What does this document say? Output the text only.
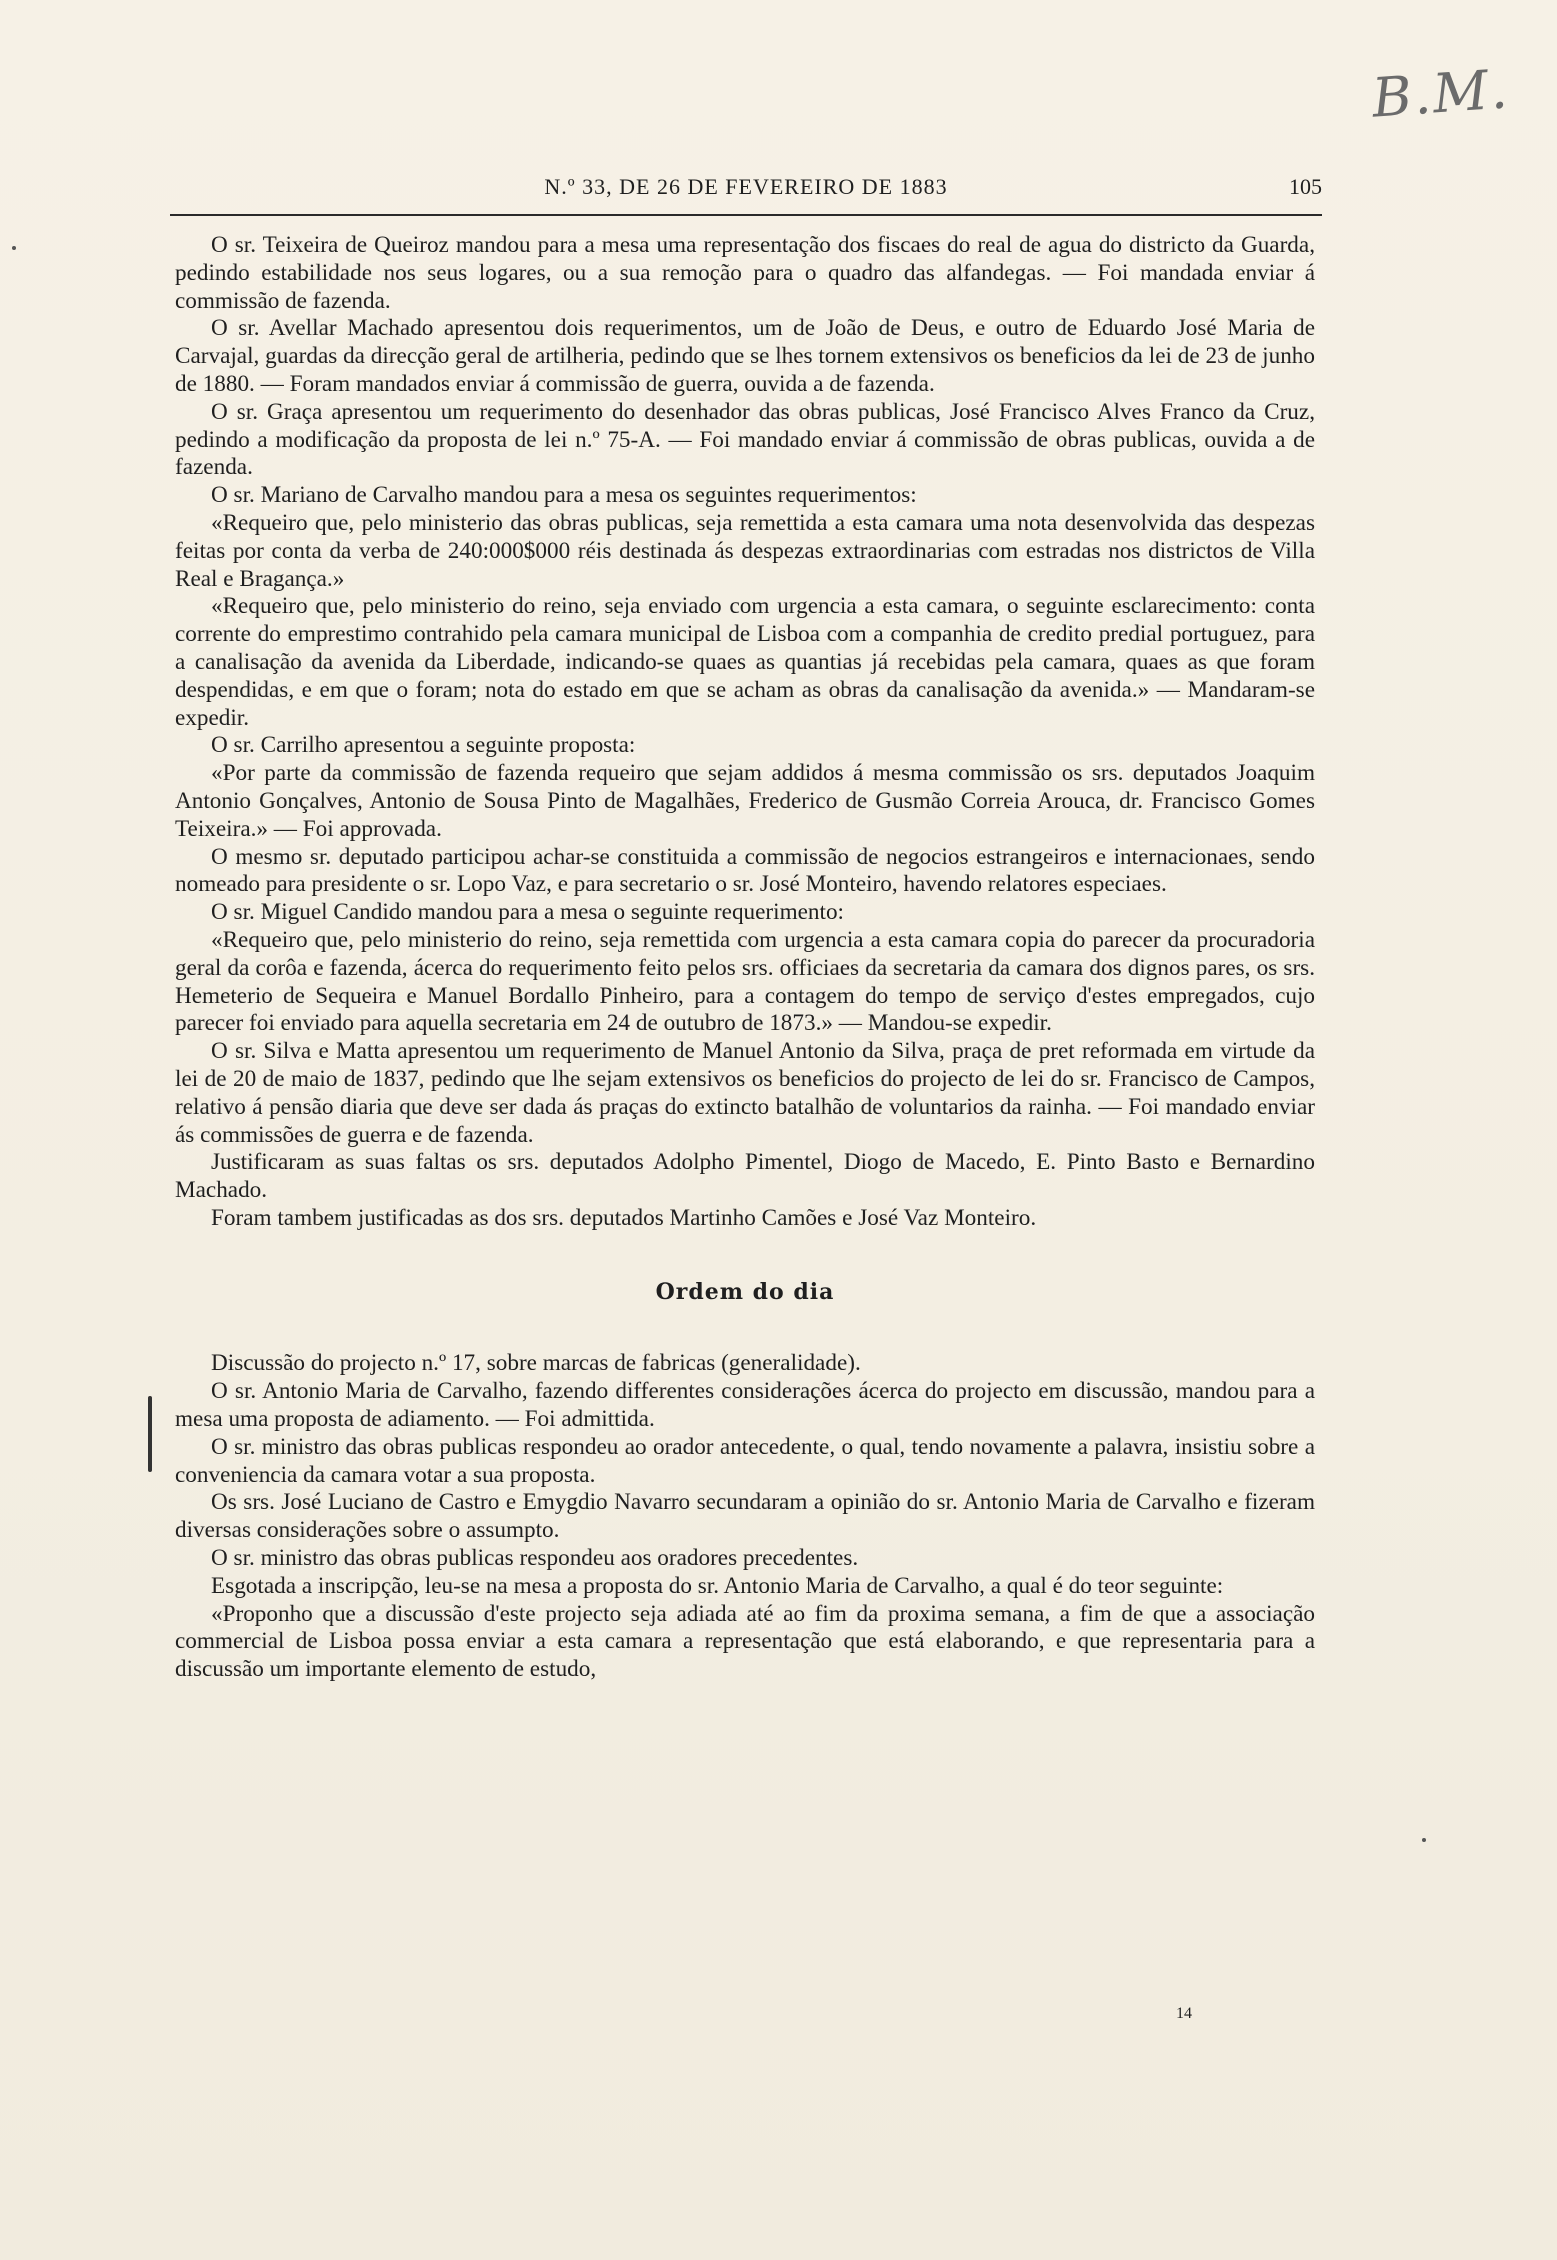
B.M.
N.º 33, DE 26 DE FEVEREIRO DE 1883	105

O sr. Teixeira de Queiroz mandou para a mesa uma representação dos fiscaes do real de agua do districto da Guarda, pedindo estabilidade nos seus logares, ou a sua remoção para o quadro das alfandegas. — Foi mandada enviar á commissão de fazenda.

O sr. Avellar Machado apresentou dois requerimentos, um de João de Deus, e outro de Eduardo José Maria de Carvajal, guardas da direcção geral de artilheria, pedindo que se lhes tornem extensivos os beneficios da lei de 23 de junho de 1880. — Foram mandados enviar á commissão de guerra, ouvida a de fazenda.

O sr. Graça apresentou um requerimento do desenhador das obras publicas, José Francisco Alves Franco da Cruz, pedindo a modificação da proposta de lei n.º 75-A. — Foi mandado enviar á commissão de obras publicas, ouvida a de fazenda.

O sr. Mariano de Carvalho mandou para a mesa os seguintes requerimentos:

«Requeiro que, pelo ministerio das obras publicas, seja remettida a esta camara uma nota desenvolvida das despezas feitas por conta da verba de 240:000$000 réis destinada ás despezas extraordinarias com estradas nos districtos de Villa Real e Bragança.»

«Requeiro que, pelo ministerio do reino, seja enviado com urgencia a esta camara, o seguinte esclarecimento: conta corrente do emprestimo contrahido pela camara municipal de Lisboa com a companhia de credito predial portuguez, para a canalisação da avenida da Liberdade, indicando-se quaes as quantias já recebidas pela camara, quaes as que foram despendidas, e em que o foram; nota do estado em que se acham as obras da canalisação da avenida.» — Mandaram-se expedir.

O sr. Carrilho apresentou a seguinte proposta:

«Por parte da commissão de fazenda requeiro que sejam addidos á mesma commissão os srs. deputados Joaquim Antonio Gonçalves, Antonio de Sousa Pinto de Magalhães, Frederico de Gusmão Correia Arouca, dr. Francisco Gomes Teixeira.» — Foi approvada.

O mesmo sr. deputado participou achar-se constituida a commissão de negocios estrangeiros e internacionaes, sendo nomeado para presidente o sr. Lopo Vaz, e para secretario o sr. José Monteiro, havendo relatores especiaes.

O sr. Miguel Candido mandou para a mesa o seguinte requerimento:

«Requeiro que, pelo ministerio do reino, seja remettida com urgencia a esta camara copia do parecer da procuradoria geral da corôa e fazenda, ácerca do requerimento feito pelos srs. officiaes da secretaria da camara dos dignos pares, os srs. Hemeterio de Sequeira e Manuel Bordallo Pinheiro, para a contagem do tempo de serviço d'estes empregados, cujo parecer foi enviado para aquella secretaria em 24 de outubro de 1873.» — Mandou-se expedir.

O sr. Silva e Matta apresentou um requerimento de Manuel Antonio da Silva, praça de pret reformada em virtude da lei de 20 de maio de 1837, pedindo que lhe sejam extensivos os beneficios do projecto de lei do sr. Francisco de Campos, relativo á pensão diaria que deve ser dada ás praças do extincto batalhão de voluntarios da rainha. — Foi mandado enviar ás commissões de guerra e de fazenda.

Justificaram as suas faltas os srs. deputados Adolpho Pimentel, Diogo de Macedo, E. Pinto Basto e Bernardino Machado.

Foram tambem justificadas as dos srs. deputados Martinho Camões e José Vaz Monteiro.

Ordem do dia

Discussão do projecto n.º 17, sobre marcas de fabricas (generalidade).

O sr. Antonio Maria de Carvalho, fazendo differentes considerações ácerca do projecto em discussão, mandou para a mesa uma proposta de adiamento. — Foi admittida.

O sr. ministro das obras publicas respondeu ao orador antecedente, o qual, tendo novamente a palavra, insistiu sobre a conveniencia da camara votar a sua proposta.

Os srs. José Luciano de Castro e Emygdio Navarro secundaram a opinião do sr. Antonio Maria de Carvalho e fizeram diversas considerações sobre o assumpto.

O sr. ministro das obras publicas respondeu aos oradores precedentes.

Esgotada a inscripção, leu-se na mesa a proposta do sr. Antonio Maria de Carvalho, a qual é do teor seguinte:

«Proponho que a discussão d'este projecto seja adiada até ao fim da proxima semana, a fim de que a associação commercial de Lisboa possa enviar a esta camara a representação que está elaborando, e que representaria para a discussão um importante elemento de estudo,

14
